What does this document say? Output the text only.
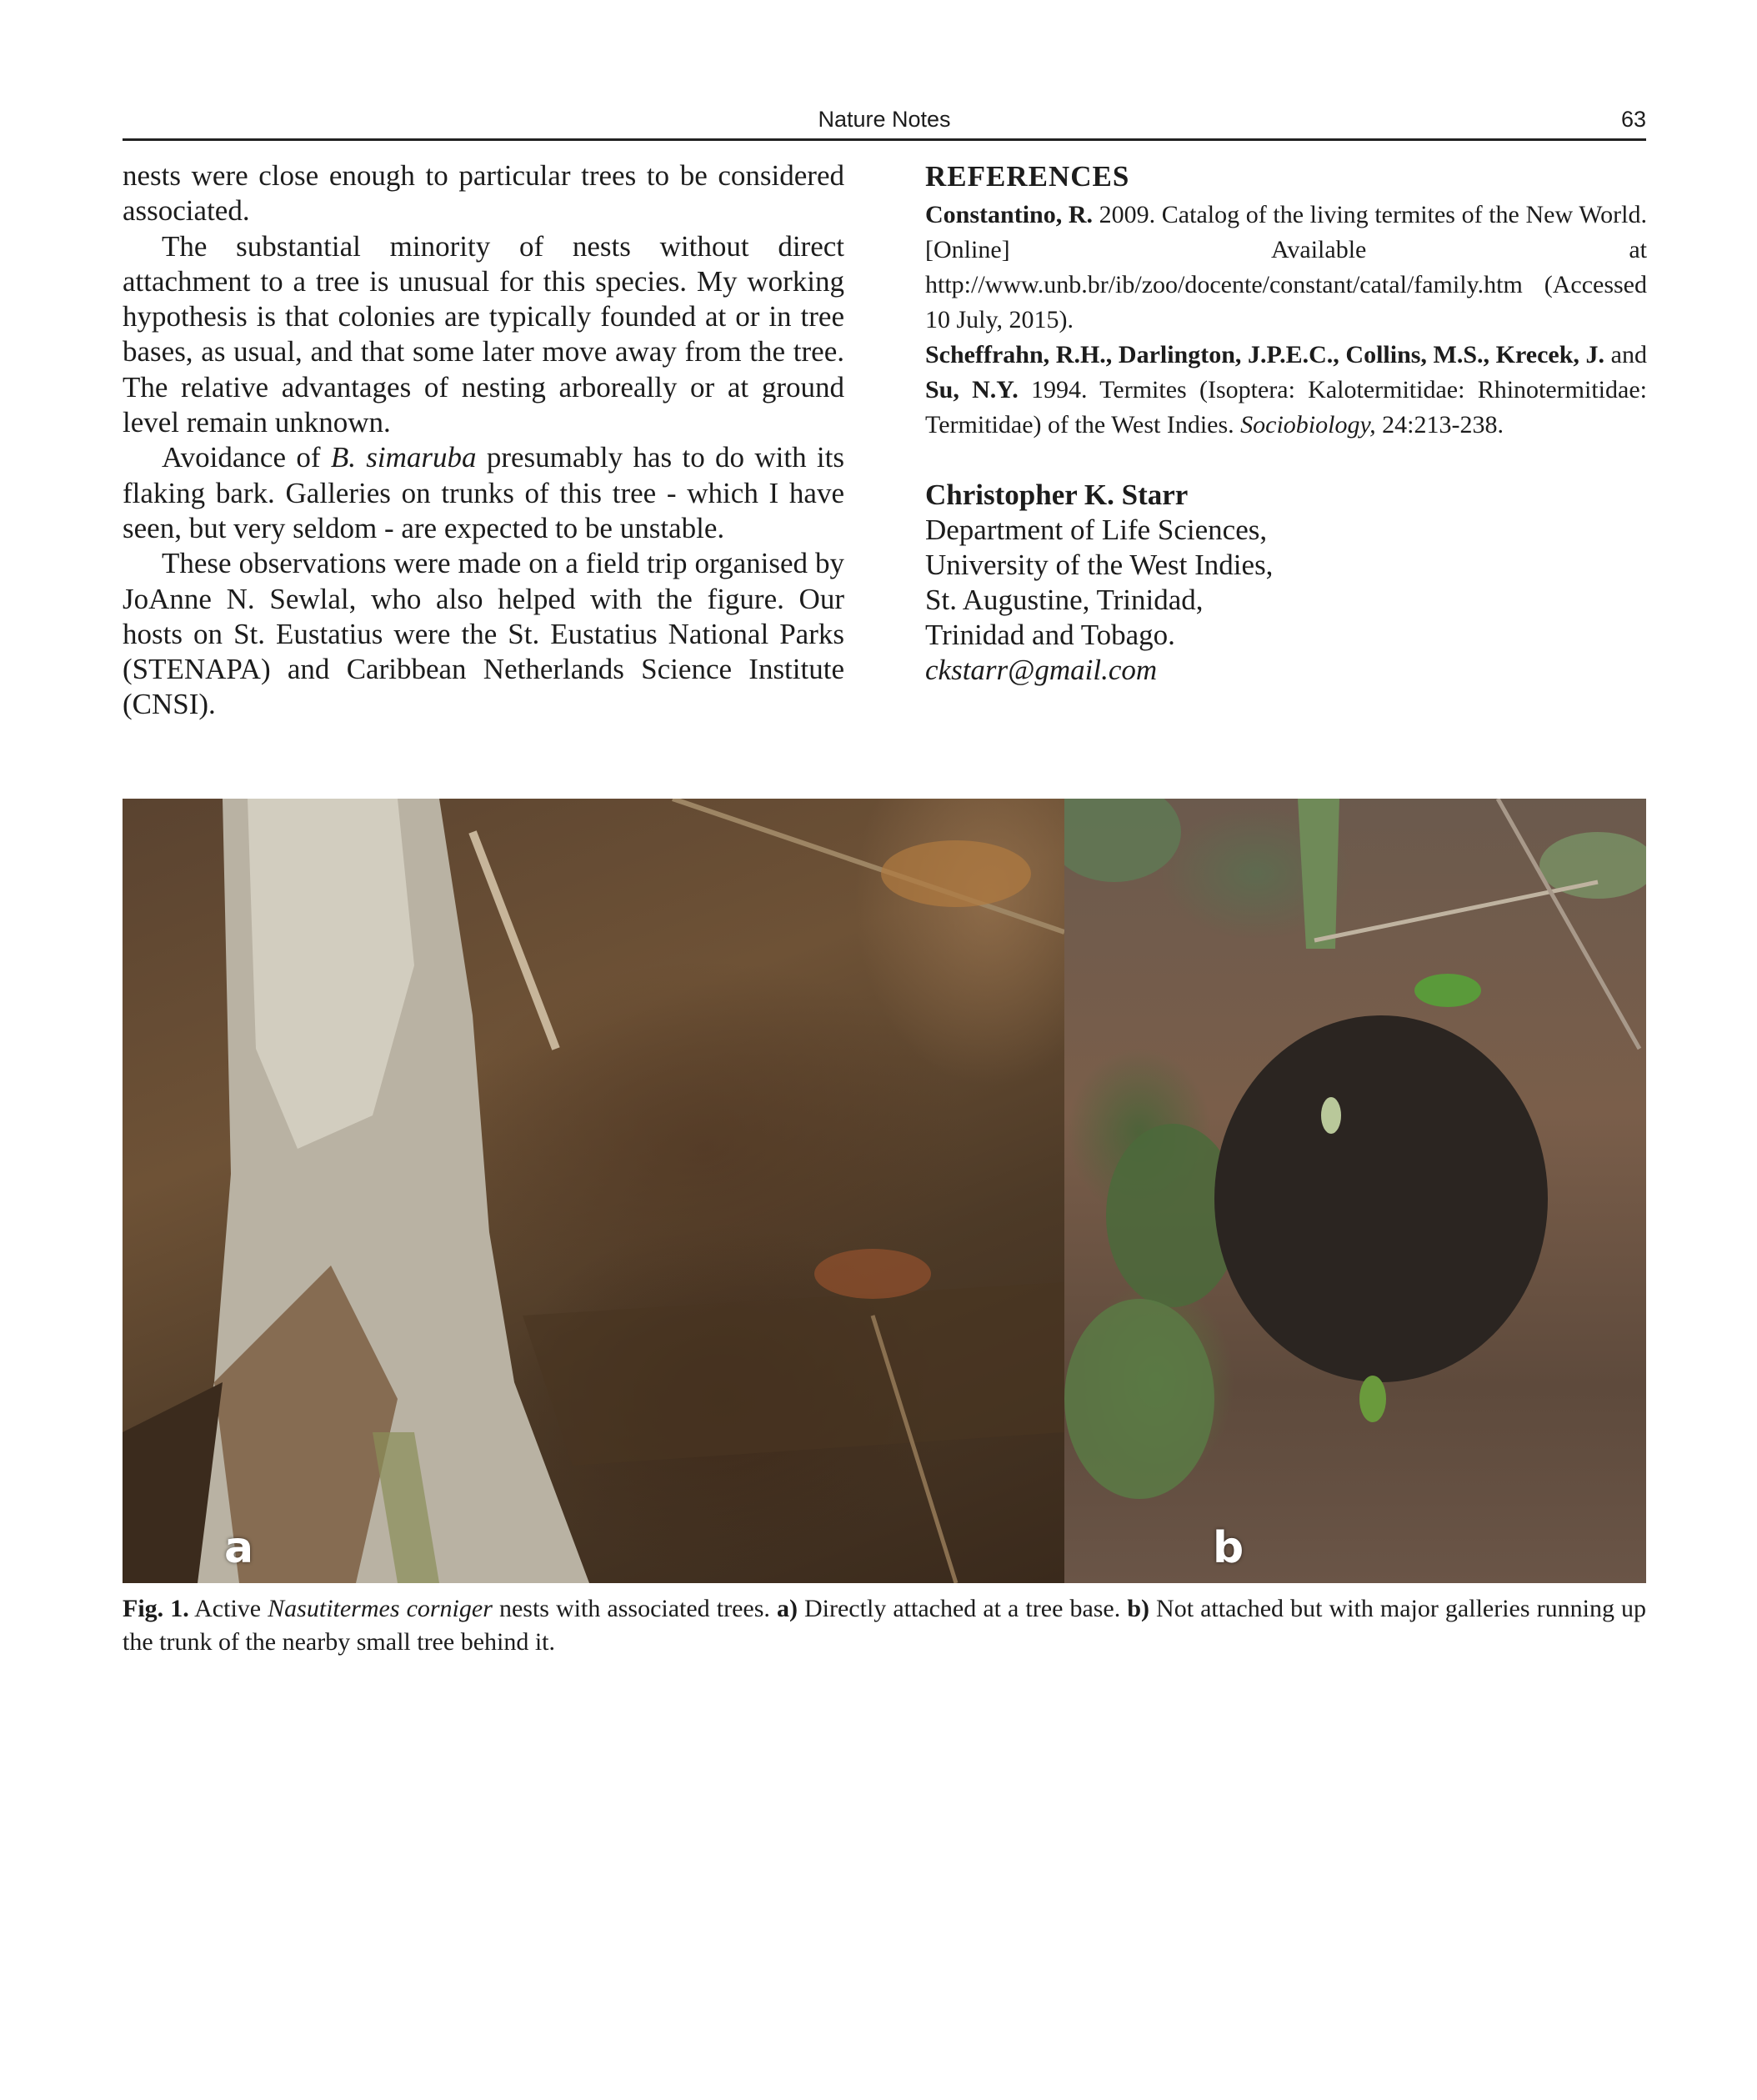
Nature Notes	63

nests were close enough to particular trees to be considered associated.

The substantial minority of nests without direct attachment to a tree is unusual for this species. My working hypothesis is that colonies are typically founded at or in tree bases, as usual, and that some later move away from the tree. The relative advantages of nesting arboreally or at ground level remain unknown.

Avoidance of B. simaruba presumably has to do with its flaking bark. Galleries on trunks of this tree - which I have seen, but very seldom - are expected to be unstable.

These observations were made on a field trip organised by JoAnne N. Sewlal, who also helped with the figure. Our hosts on St. Eustatius were the St. Eustatius National Parks (STENAPA) and Caribbean Netherlands Science Institute (CNSI).

REFERENCES

Constantino, R. 2009. Catalog of the living termites of the New World. [Online] Available at http://www.unb.br/ib/zoo/docente/constant/catal/family.htm (Accessed 10 July, 2015).

Scheffrahn, R.H., Darlington, J.P.E.C., Collins, M.S., Krecek, J. and Su, N.Y. 1994. Termites (Isoptera: Kalotermitidae: Rhinotermitidae: Termitidae) of the West Indies. Sociobiology, 24:213-238.

Christopher K. Starr
Department of Life Sciences,
University of the West Indies,
St. Augustine, Trinidad,
Trinidad and Tobago.
ckstarr@gmail.com
a	b
Fig. 1. Active Nasutitermes corniger nests with associated trees. a) Directly attached at a tree base. b) Not attached but with major galleries running up the trunk of the nearby small tree behind it.
